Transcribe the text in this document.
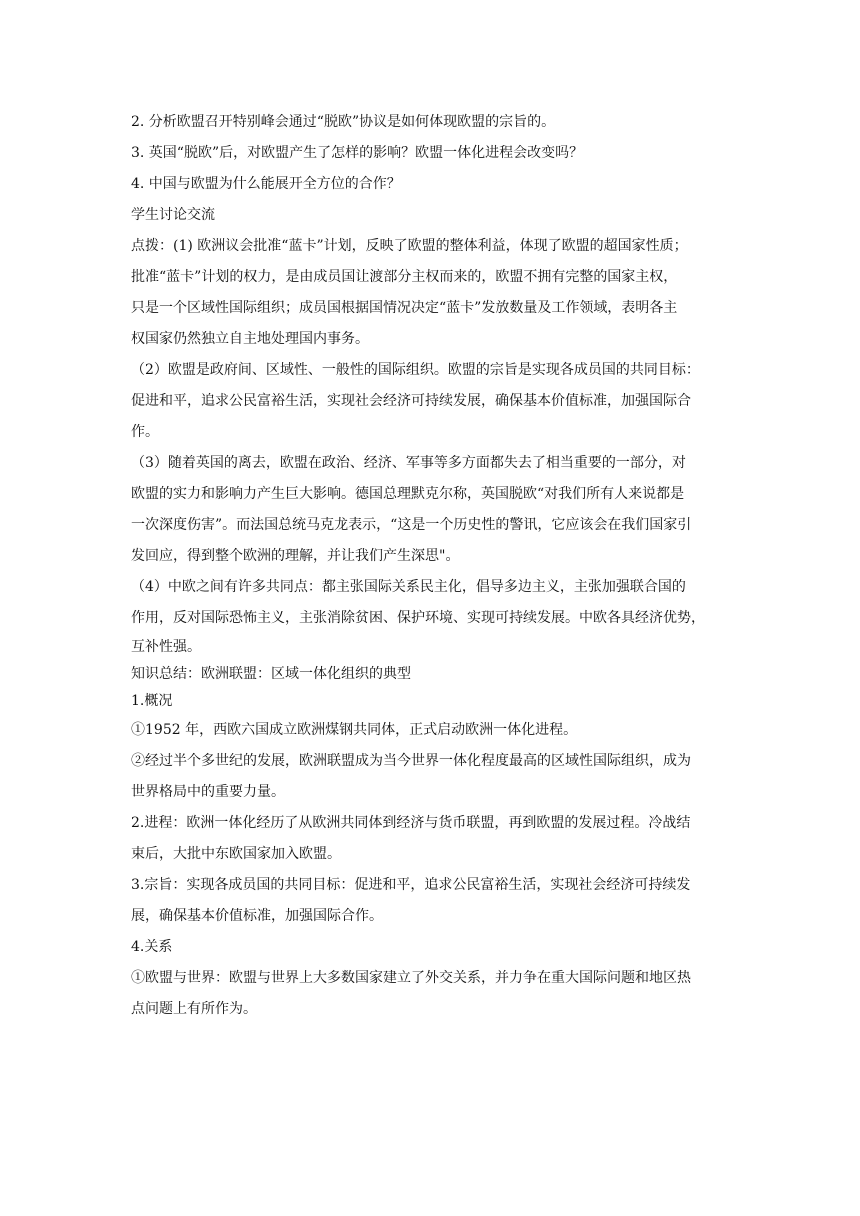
2. 分析欧盟召开特别峰会通过“脱欧”协议是如何体现欧盟的宗旨的。

3. 英国“脱欧”后，对欧盟产生了怎样的影响？欧盟一体化进程会改变吗？

4. 中国与欧盟为什么能展开全方位的合作？

学生讨论交流

点拨：(1) 欧洲议会批准“蓝卡”计划，反映了欧盟的整体利益，体现了欧盟的超国家性质；

批准“蓝卡”计划的权力，是由成员国让渡部分主权而来的，欧盟不拥有完整的国家主权，

只是一个区域性国际组织；成员国根据国情况决定“蓝卡”发放数量及工作领域，表明各主

权国家仍然独立自主地处理国内事务。

（2）欧盟是政府间、区域性、一般性的国际组织。欧盟的宗旨是实现各成员国的共同目标：

促进和平，追求公民富裕生活，实现社会经济可持续发展，确保基本价值标准，加强国际合

作。

（3）随着英国的离去，欧盟在政治、经济、军事等多方面都失去了相当重要的一部分，对

欧盟的实力和影响力产生巨大影响。德国总理默克尔称，英国脱欧“对我们所有人来说都是

一次深度伤害”。而法国总统马克龙表示，“这是一个历史性的警讯，它应该会在我们国家引

发回应，得到整个欧洲的理解，并让我们产生深思"。

（4）中欧之间有许多共同点：都主张国际关系民主化，倡导多边主义，主张加强联合国的

作用，反对国际恐怖主义，主张消除贫困、保护环境、实现可持续发展。中欧各具经济优势，

互补性强。

知识总结：欧洲联盟：区域一体化组织的典型

1.概况

①1952 年，西欧六国成立欧洲煤钢共同体，正式启动欧洲一体化进程。

②经过半个多世纪的发展，欧洲联盟成为当今世界一体化程度最高的区域性国际组织，成为

世界格局中的重要力量。

2.进程：欧洲一体化经历了从欧洲共同体到经济与货币联盟，再到欧盟的发展过程。冷战结

束后，大批中东欧国家加入欧盟。

3.宗旨：实现各成员国的共同目标：促进和平，追求公民富裕生活，实现社会经济可持续发

展，确保基本价值标准，加强国际合作。

4.关系

①欧盟与世界：欧盟与世界上大多数国家建立了外交关系，并力争在重大国际问题和地区热

点问题上有所作为。
